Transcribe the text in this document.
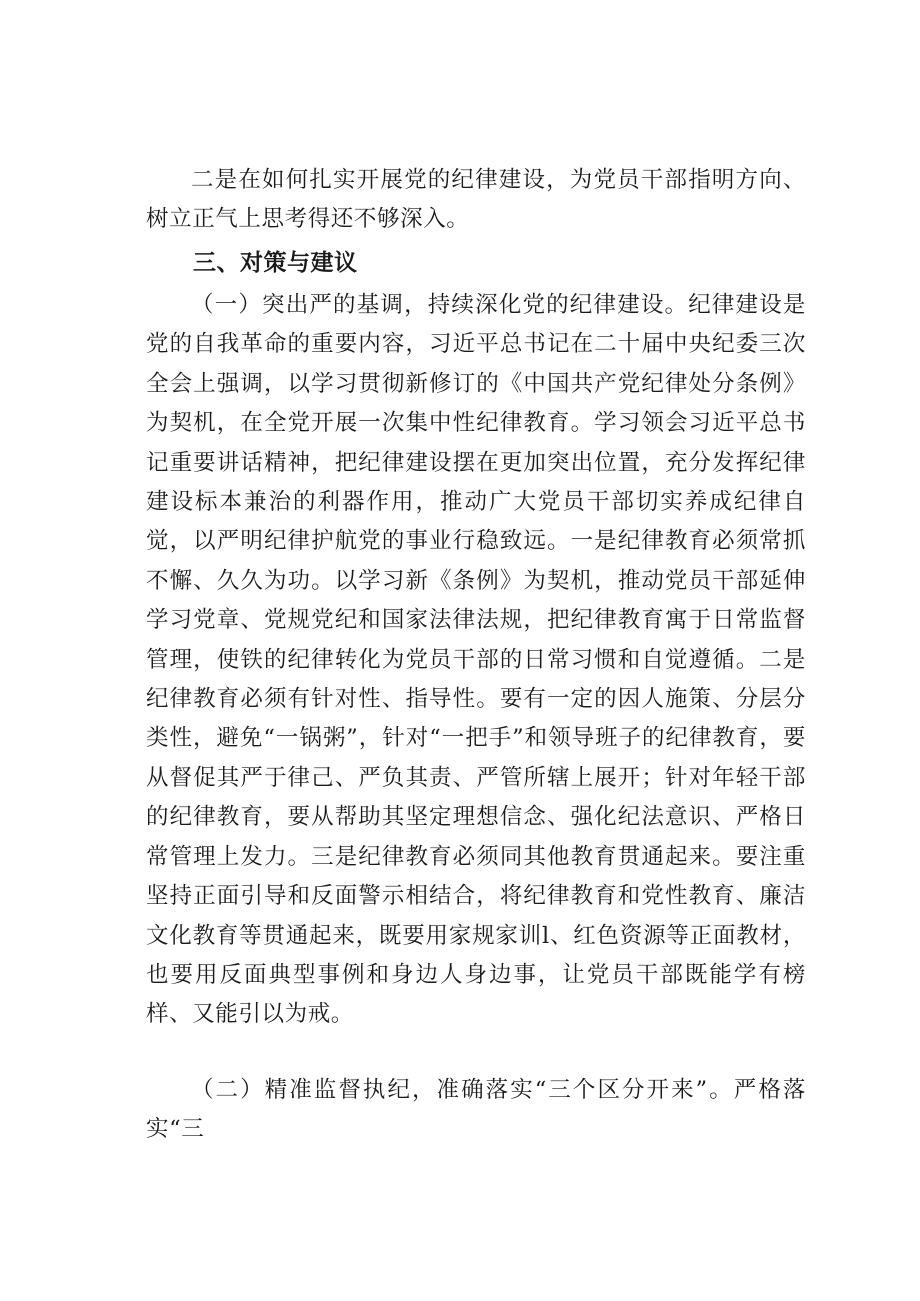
二是在如何扎实开展党的纪律建设，为党员干部指明方向、树立正气上思考得还不够深入。

三、对策与建议

（一）突出严的基调，持续深化党的纪律建设。纪律建设是党的自我革命的重要内容，习近平总书记在二十届中央纪委三次全会上强调，以学习贯彻新修订的《中国共产党纪律处分条例》为契机，在全党开展一次集中性纪律教育。学习领会习近平总书记重要讲话精神，把纪律建设摆在更加突出位置，充分发挥纪律建设标本兼治的利器作用，推动广大党员干部切实养成纪律自觉，以严明纪律护航党的事业行稳致远。一是纪律教育必须常抓不懈、久久为功。以学习新《条例》为契机，推动党员干部延伸学习党章、党规党纪和国家法律法规，把纪律教育寓于日常监督管理，使铁的纪律转化为党员干部的日常习惯和自觉遵循。二是纪律教育必须有针对性、指导性。要有一定的因人施策、分层分类性，避免“一锅粥”，针对“一把手”和领导班子的纪律教育，要从督促其严于律己、严负其责、严管所辖上展开；针对年轻干部的纪律教育，要从帮助其坚定理想信念、强化纪法意识、严格日常管理上发力。三是纪律教育必须同其他教育贯通起来。要注重坚持正面引导和反面警示相结合，将纪律教育和党性教育、廉洁文化教育等贯通起来，既要用家规家训l、红色资源等正面教材，也要用反面典型事例和身边人身边事，让党员干部既能学有榜样、又能引以为戒。

（二）精准监督执纪，准确落实“三个区分开来”。严格落实“三
